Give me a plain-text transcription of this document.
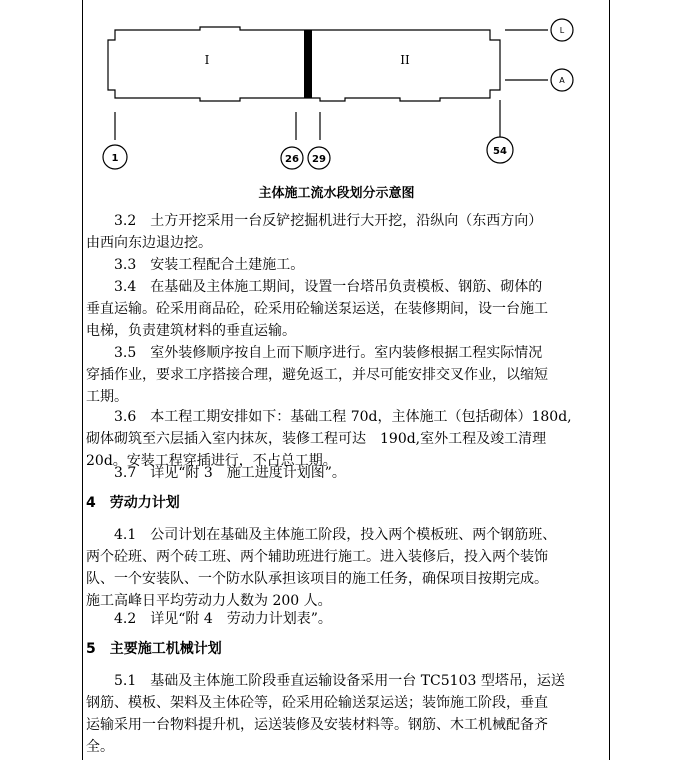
I	II
1	26 29
54
L
A
主体施工流水段划分示意图
3.2　土方开挖采用一台反铲挖掘机进行大开挖，沿纵向（东西方向）
由西向东边退边挖。
3.3　安装工程配合土建施工。
3.4　在基础及主体施工期间，设置一台塔吊负责模板、钢筋、砌体的
垂直运输。砼采用商品砼，砼采用砼输送泵运送，在装修期间，设一台施工
电梯，负责建筑材料的垂直运输。
3.5　室外装修顺序按自上而下顺序进行。室内装修根据工程实际情况
穿插作业，要求工序搭接合理，避免返工，并尽可能安排交叉作业，以缩短
工期。
3.6　本工程工期安排如下：基础工程 70d，主体施工（包括砌体）180d,
砌体砌筑至六层插入室内抹灰，装修工程可达　190d,室外工程及竣工清理
20d。安装工程穿插进行，不占总工期。
3.7　详见“附 3　施工进度计划图”。
4　劳动力计划
4.1　公司计划在基础及主体施工阶段，投入两个模板班、两个钢筋班、
两个砼班、两个砖工班、两个辅助班进行施工。进入装修后，投入两个装饰
队、一个安装队、一个防水队承担该项目的施工任务，确保项目按期完成。
施工高峰日平均劳动力人数为 200 人。
4.2　详见“附 4　劳动力计划表”。
5　主要施工机械计划
5.1　基础及主体施工阶段垂直运输设备采用一台 TC5103 型塔吊，运送
钢筋、模板、架料及主体砼等，砼采用砼输送泵运送；装饰施工阶段，垂直
运输采用一台物料提升机，运送装修及安装材料等。钢筋、木工机械配备齐
全。
